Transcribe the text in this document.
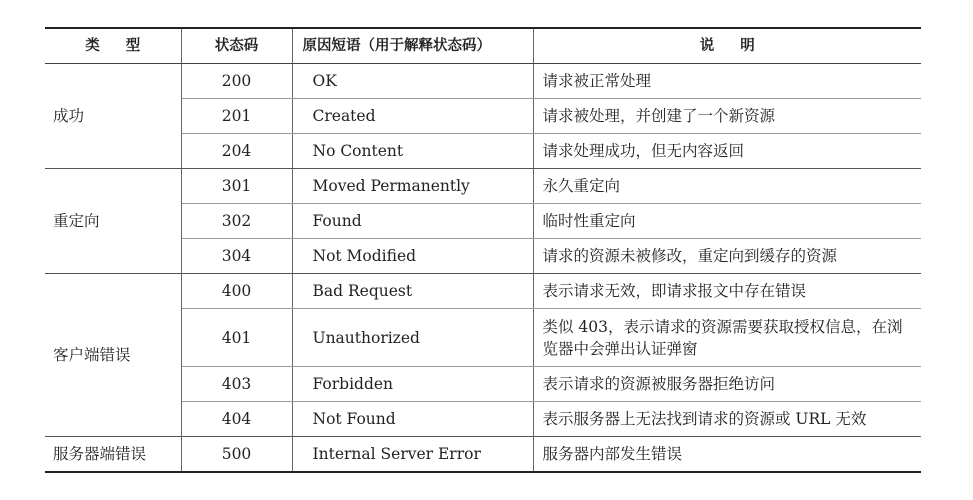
类型	状态码	原因短语（用于解释状态码）	说明
成功	200	OK	请求被正常处理
	201	Created	请求被处理，并创建了一个新资源
	204	No Content	请求处理成功，但无内容返回
重定向	301	Moved Permanently	永久重定向
	302	Found	临时性重定向
	304	Not Modified	请求的资源未被修改，重定向到缓存的资源
客户端错误	400	Bad Request	表示请求无效，即请求报文中存在错误
	401	Unauthorized	类似 403，表示请求的资源需要获取授权信息，在浏览器中会弹出认证弹窗
	403	Forbidden	表示请求的资源被服务器拒绝访问
	404	Not Found	表示服务器上无法找到请求的资源或 URL 无效
服务器端错误	500	Internal Server Error	服务器内部发生错误
